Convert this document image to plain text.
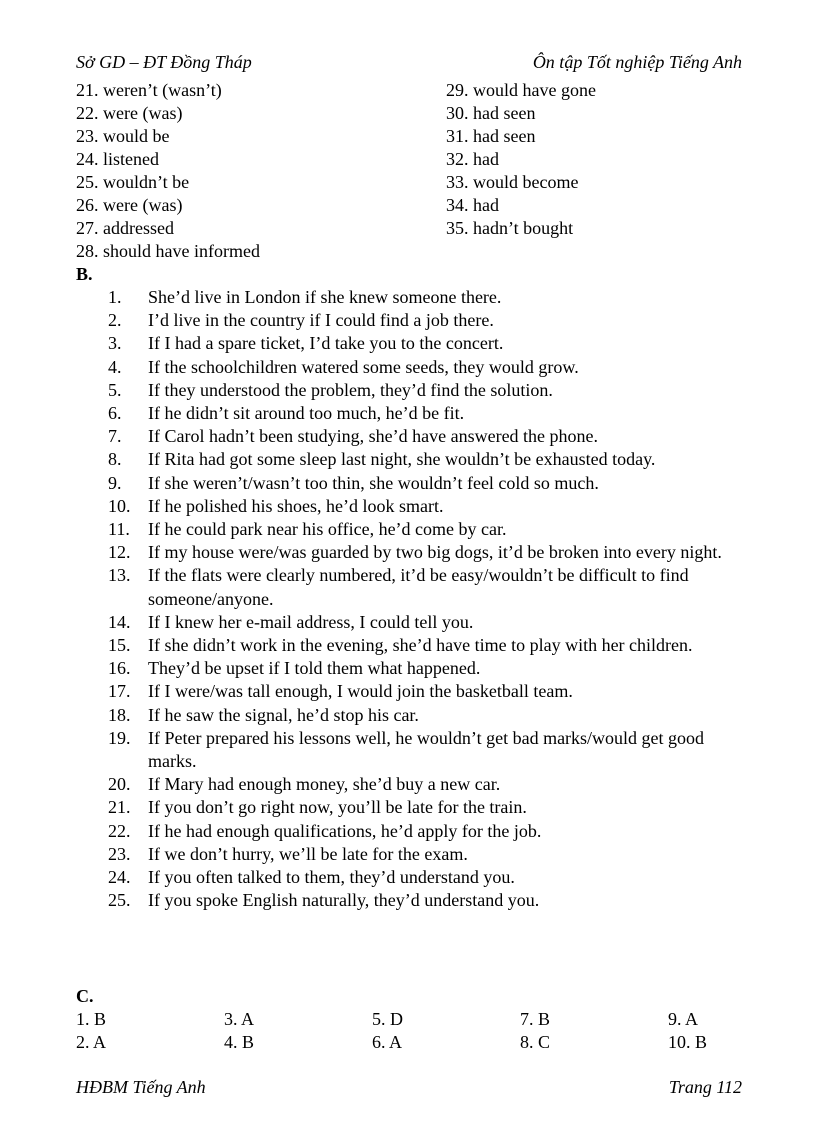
Sở GD – ĐT Đồng Tháp	Ôn tập Tốt nghiệp Tiếng Anh
21. weren’t (wasn’t)
22. were (was)
23. would be
24. listened
25. wouldn’t be
26. were (was)
27. addressed
28. should have informed
29. would have gone
30. had seen
31. had seen
32. had
33. would become
34. had
35. hadn’t bought
B.
1.	She’d live in London if she knew someone there.
2.	I’d live in the country if I could find a job there.
3.	If I had a spare ticket, I’d take you to the concert.
4.	If the schoolchildren watered some seeds, they would grow.
5.	If they understood the problem, they’d find the solution.
6.	If he didn’t sit around too much, he’d be fit.
7.	If Carol hadn’t been studying, she’d have answered the phone.
8.	If Rita had got some sleep last night, she wouldn’t be exhausted today.
9.	If she weren’t/wasn’t too thin, she wouldn’t feel cold so much.
10. If he polished his shoes, he’d look smart.
11.	If he could park near his office, he’d come by car.
12. If my house were/was guarded by two big dogs, it’d be broken into every night.
13. If the flats were clearly numbered, it’d be easy/wouldn’t be difficult to find someone/anyone.
14. If I knew her e-mail address, I could tell you.
15. If she didn’t work in the evening, she’d have time to play with her children.
16. They’d be upset if I told them what happened.
17. If I were/was tall enough, I would join the basketball team.
18. If he saw the signal, he’d stop his car.
19. If Peter prepared his lessons well, he wouldn’t get bad marks/would get good marks.
20. If Mary had enough money, she’d buy a new car.
21. If you don’t go right now, you’ll be late for the train.
22. If he had enough qualifications, he’d apply for the job.
23. If we don’t hurry, we’ll be late for the exam.
24. If you often talked to them, they’d understand you.
25. If you spoke English naturally, they’d understand you.
C.
1. B	3. A	5. D	7. B	9. A
2. A	4. B	6. A	8. C	10. B
HĐBM Tiếng Anh	Trang 112
